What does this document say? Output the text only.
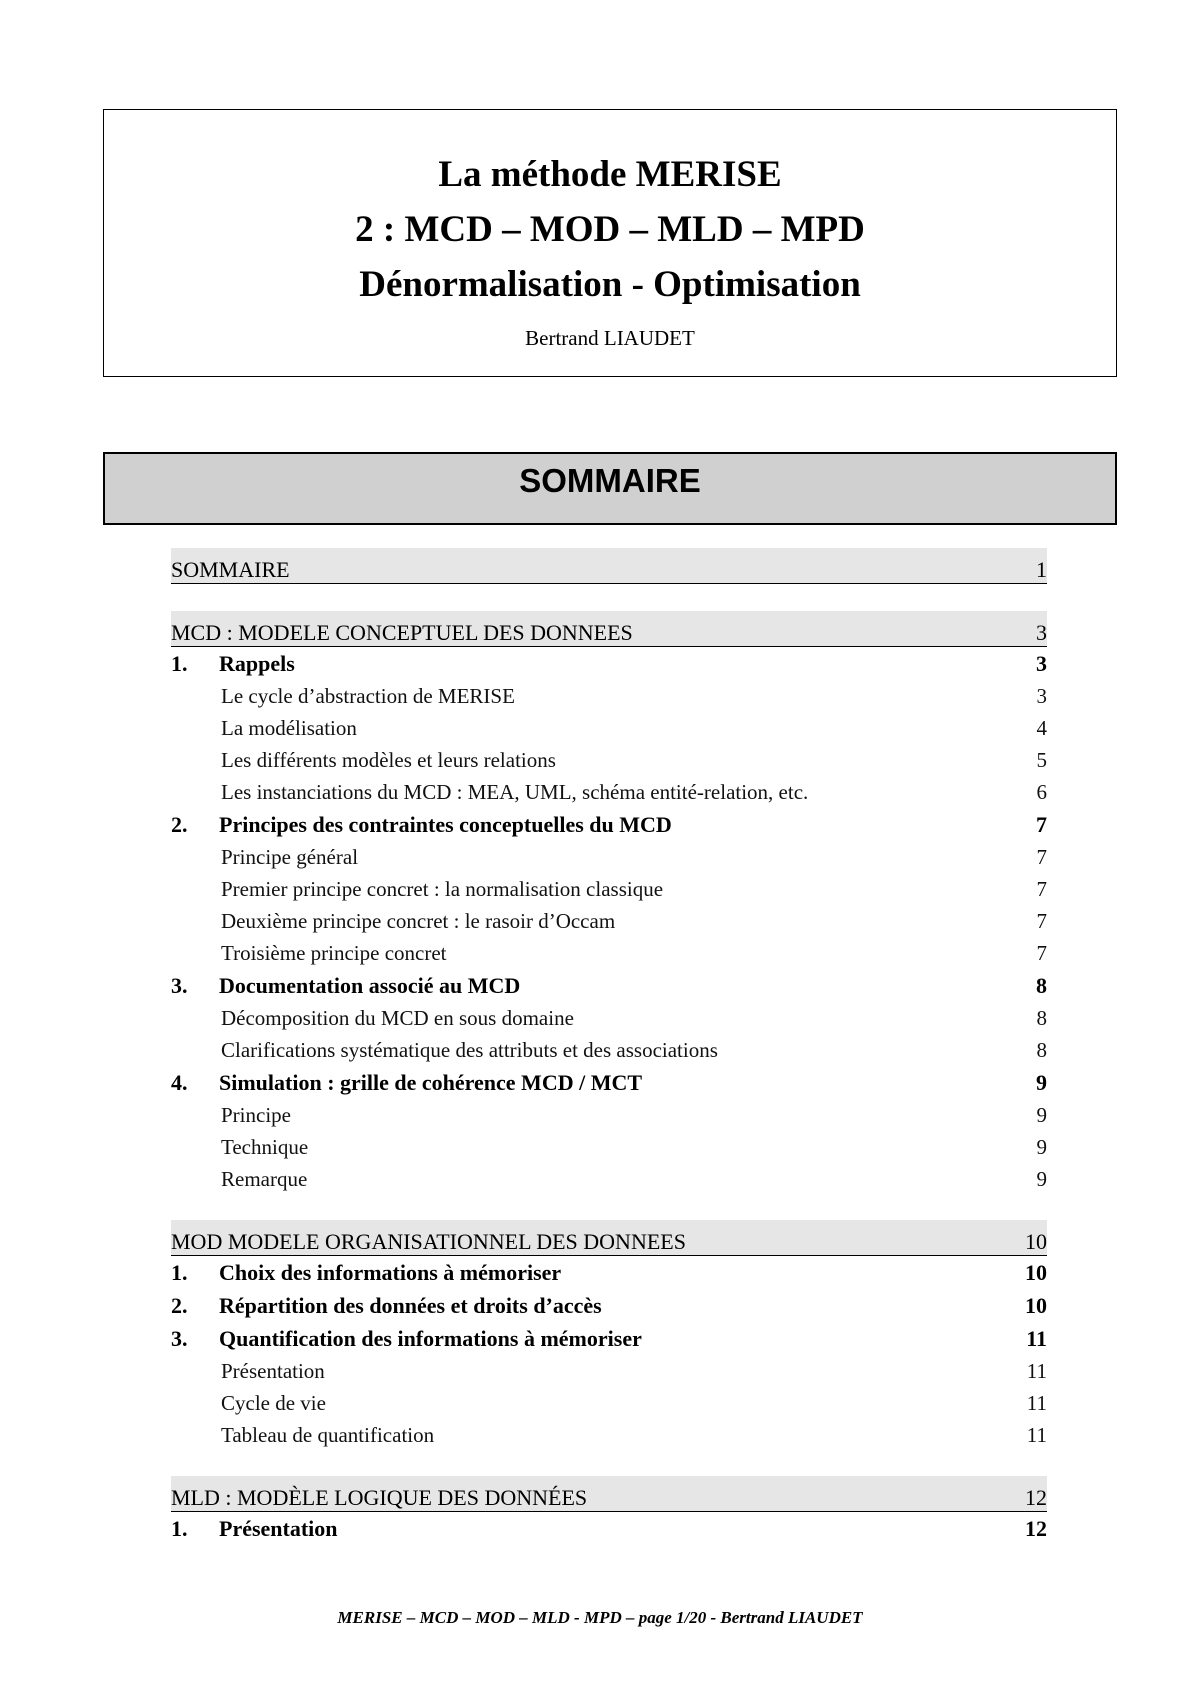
La méthode MERISE
2 : MCD – MOD – MLD – MPD
Dénormalisation - Optimisation
Bertrand LIAUDET
SOMMAIRE
SOMMAIRE	1
MCD : MODELE CONCEPTUEL DES DONNEES	3
1. Rappels	3
Le cycle d’abstraction de MERISE	3
La modélisation	4
Les différents modèles et leurs relations	5
Les instanciations du MCD : MEA, UML, schéma entité-relation, etc.	6
2. Principes des contraintes conceptuelles du MCD	7
Principe général	7
Premier principe concret : la normalisation classique	7
Deuxième principe concret : le rasoir d’Occam	7
Troisième principe concret	7
3. Documentation associé au MCD	8
Décomposition du MCD en sous domaine	8
Clarifications systématique des attributs et des associations	8
4. Simulation : grille de cohérence MCD / MCT	9
Principe	9
Technique	9
Remarque	9
MOD MODELE ORGANISATIONNEL DES DONNEES	10
1. Choix des informations à mémoriser	10
2. Répartition des données et droits d’accès	10
3. Quantification des informations à mémoriser	11
Présentation	11
Cycle de vie	11
Tableau de quantification	11
MLD : MODÈLE LOGIQUE DES DONNÉES	12
1. Présentation	12
MERISE – MCD – MOD – MLD - MPD – page 1/20 - Bertrand LIAUDET
